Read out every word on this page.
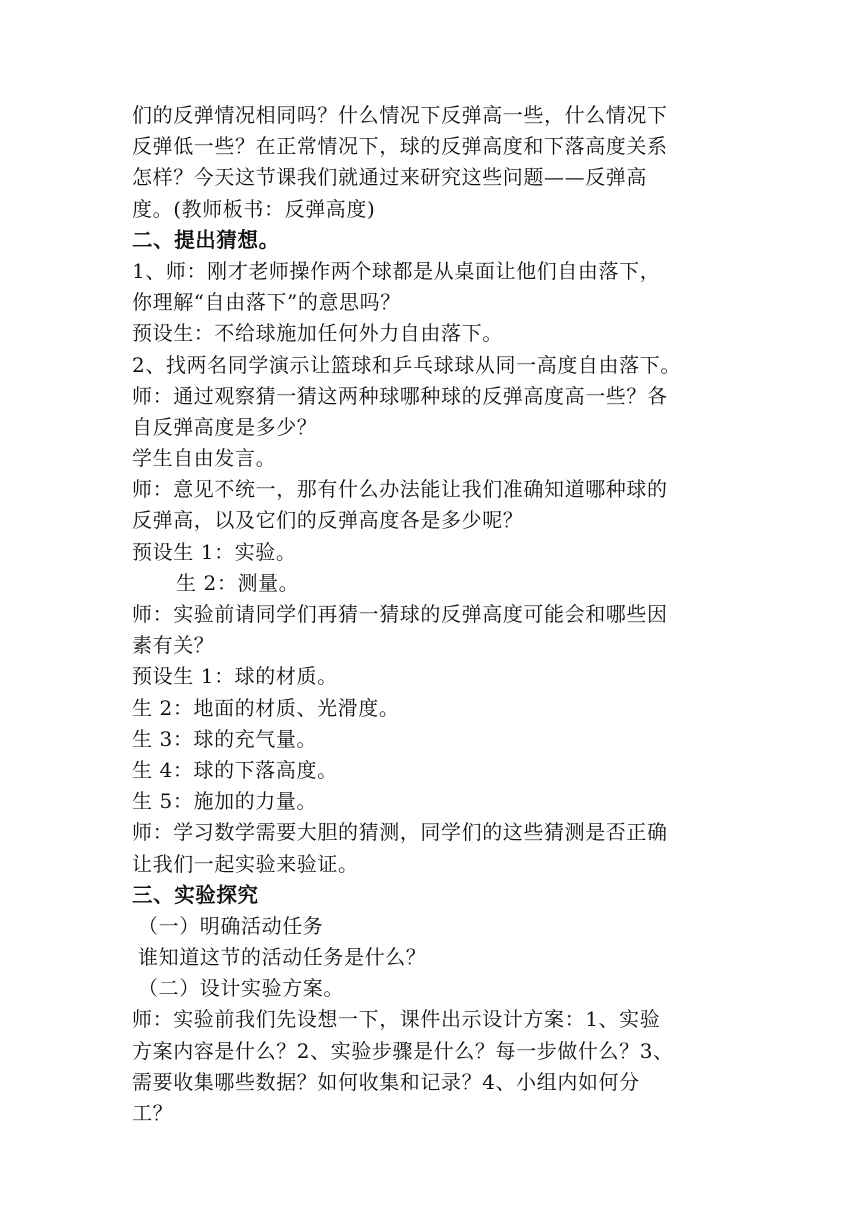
们的反弹情况相同吗？什么情况下反弹高一些，什么情况下
反弹低一些？在正常情况下，球的反弹高度和下落高度关系
怎样？今天这节课我们就通过来研究这些问题——反弹高
度。(教师板书：反弹高度)
二、提出猜想。
1、师：刚才老师操作两个球都是从桌面让他们自由落下，
你理解“自由落下”的意思吗？
预设生：不给球施加任何外力自由落下。
2、找两名同学演示让篮球和乒乓球球从同一高度自由落下。
师：通过观察猜一猜这两种球哪种球的反弹高度高一些？各
自反弹高度是多少？
学生自由发言。
师：意见不统一，那有什么办法能让我们准确知道哪种球的
反弹高，以及它们的反弹高度各是多少呢？
预设生 1：实验。
生 2：测量。
师：实验前请同学们再猜一猜球的反弹高度可能会和哪些因
素有关？
预设生 1：球的材质。
生 2：地面的材质、光滑度。
生 3：球的充气量。
生 4：球的下落高度。
生 5：施加的力量。
师：学习数学需要大胆的猜测，同学们的这些猜测是否正确
让我们一起实验来验证。
三、实验探究
（一）明确活动任务
谁知道这节的活动任务是什么？
（二）设计实验方案。
师：实验前我们先设想一下，课件出示设计方案：1、实验
方案内容是什么？2、实验步骤是什么？每一步做什么？3、
需要收集哪些数据？如何收集和记录？4、小组内如何分
工？
